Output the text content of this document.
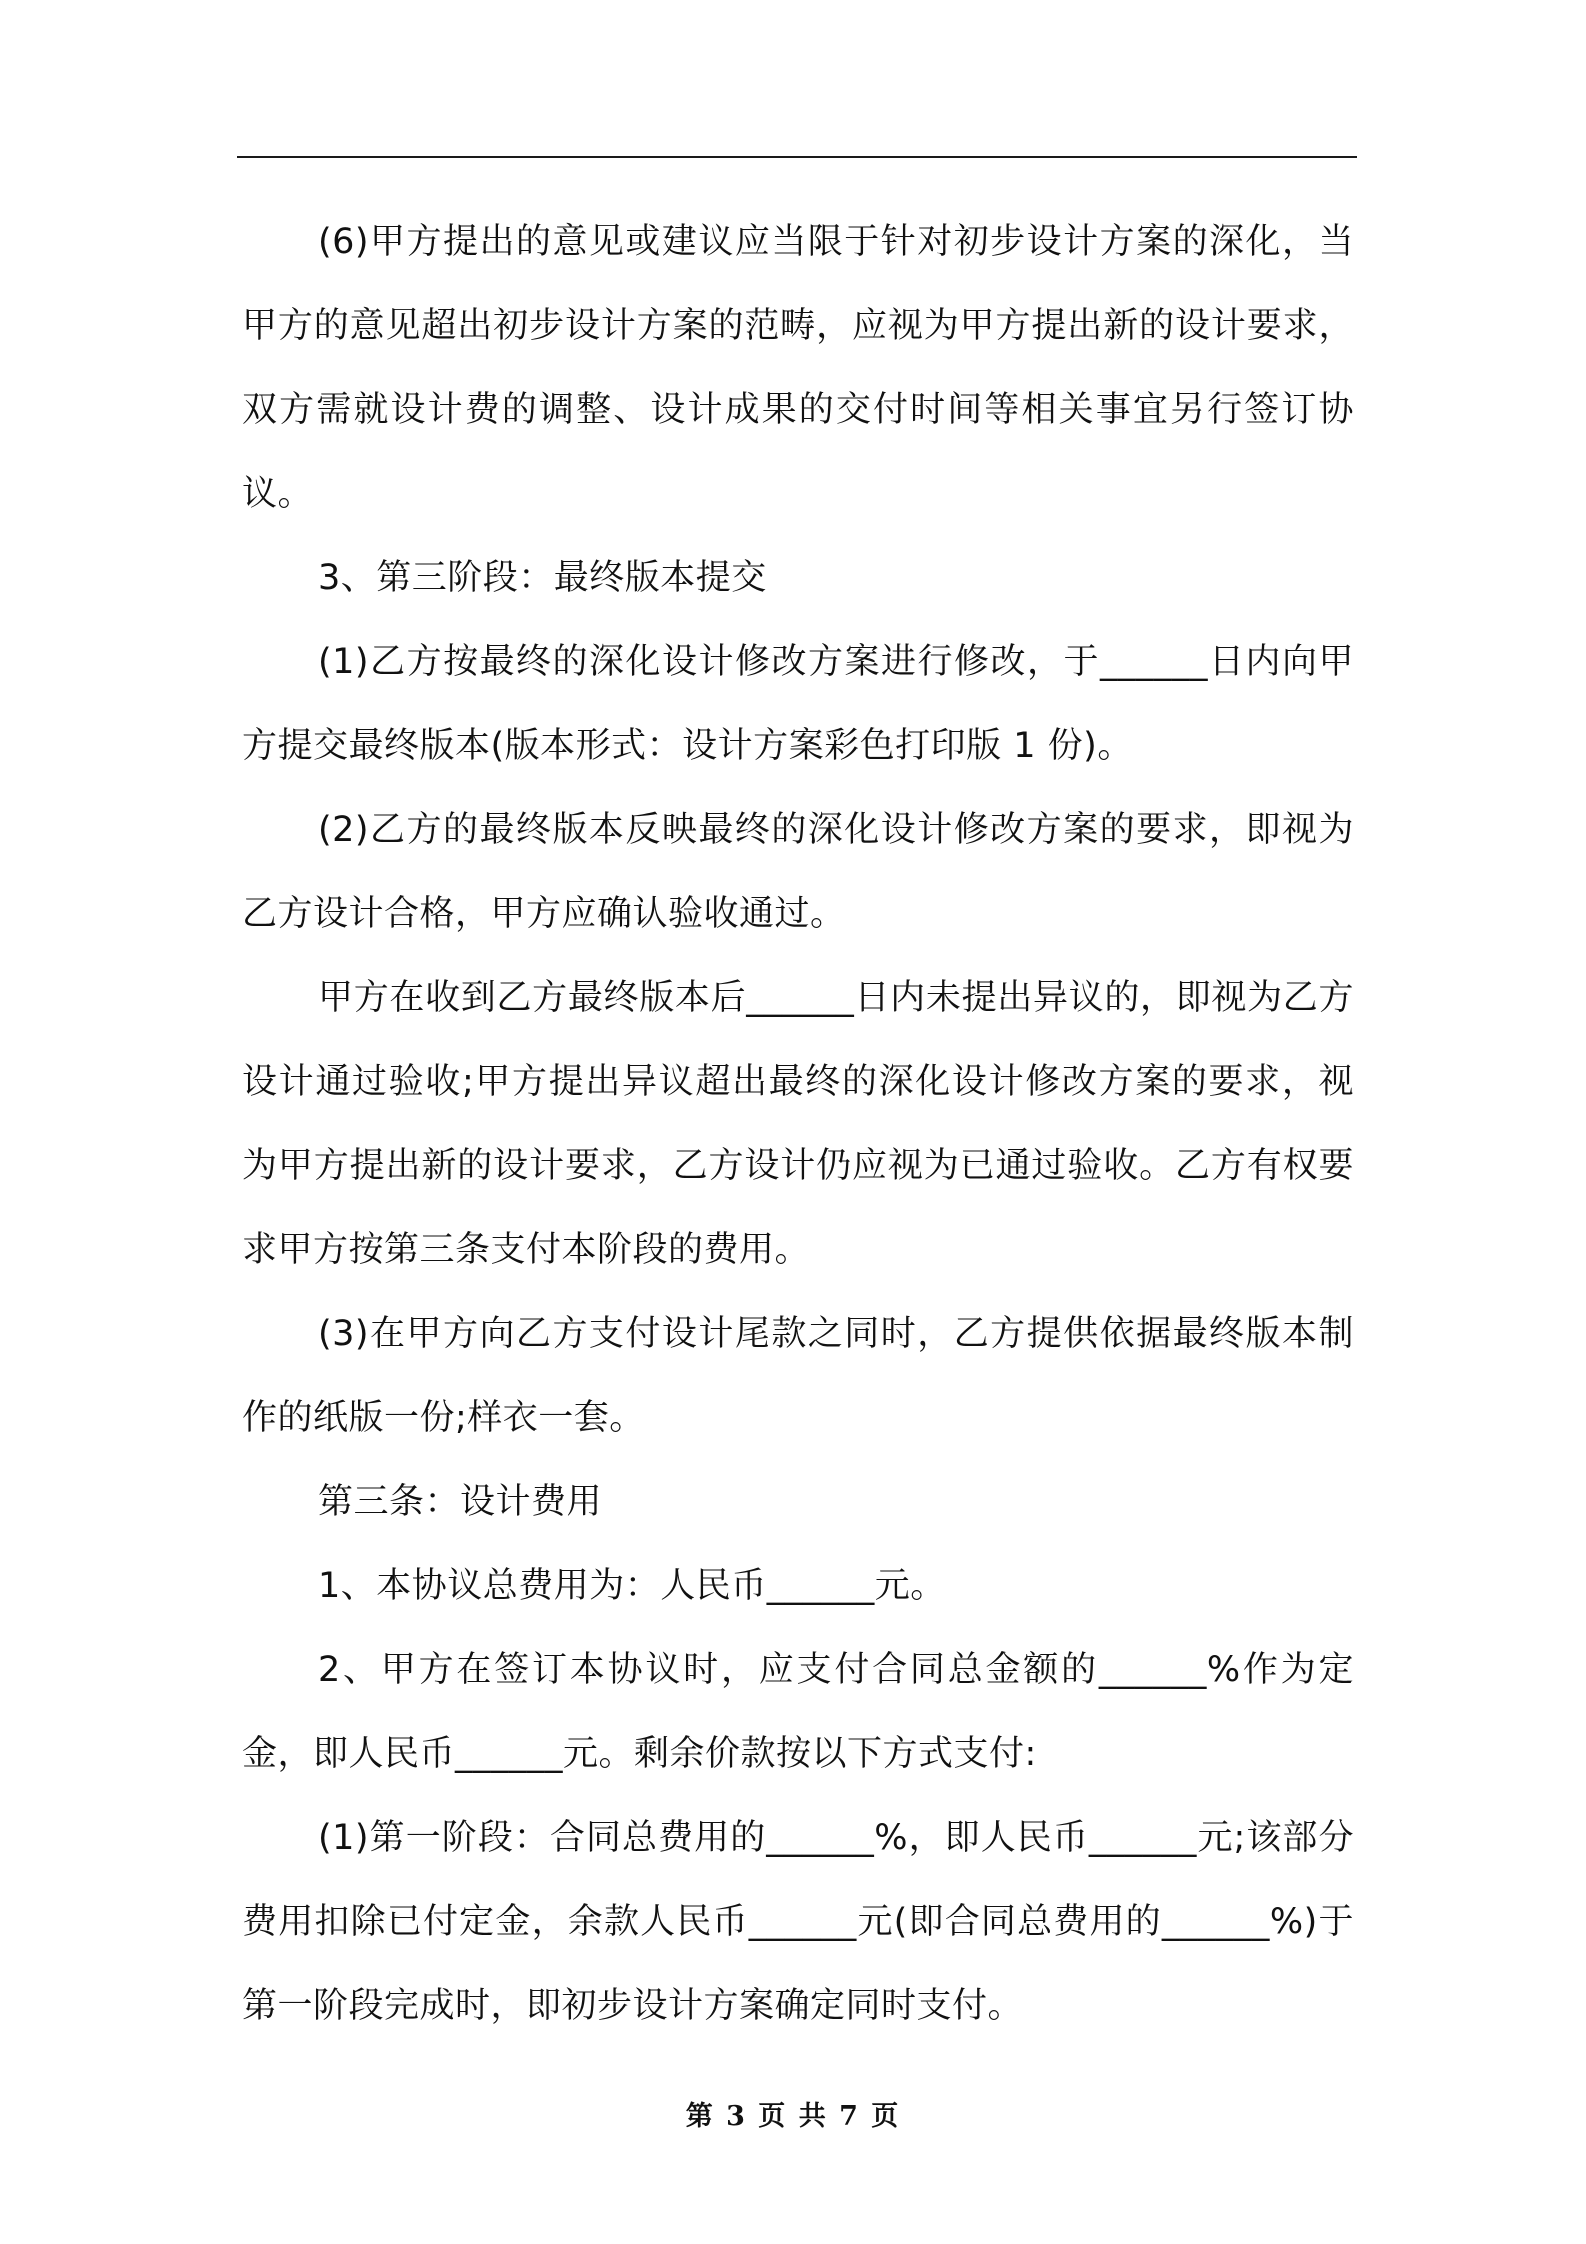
(6)甲方提出的意见或建议应当限于针对初步设计方案的深化，当甲方的意见超出初步设计方案的范畴，应视为甲方提出新的设计要求，双方需就设计费的调整、设计成果的交付时间等相关事宜另行签订协议。

3、第三阶段：最终版本提交

(1)乙方按最终的深化设计修改方案进行修改，于______日内向甲方提交最终版本(版本形式：设计方案彩色打印版 1 份)。

(2)乙方的最终版本反映最终的深化设计修改方案的要求，即视为乙方设计合格，甲方应确认验收通过。

甲方在收到乙方最终版本后______日内未提出异议的，即视为乙方设计通过验收;甲方提出异议超出最终的深化设计修改方案的要求，视为甲方提出新的设计要求，乙方设计仍应视为已通过验收。乙方有权要求甲方按第三条支付本阶段的费用。

(3)在甲方向乙方支付设计尾款之同时，乙方提供依据最终版本制作的纸版一份;样衣一套。

第三条：设计费用

1、本协议总费用为：人民币______元。

2、甲方在签订本协议时，应支付合同总金额的______%作为定金，即人民币______元。剩余价款按以下方式支付:

(1)第一阶段：合同总费用的______%，即人民币______元;该部分费用扣除已付定金，余款人民币______元(即合同总费用的______%)于第一阶段完成时，即初步设计方案确定同时支付。

第 3 页 共 7 页
